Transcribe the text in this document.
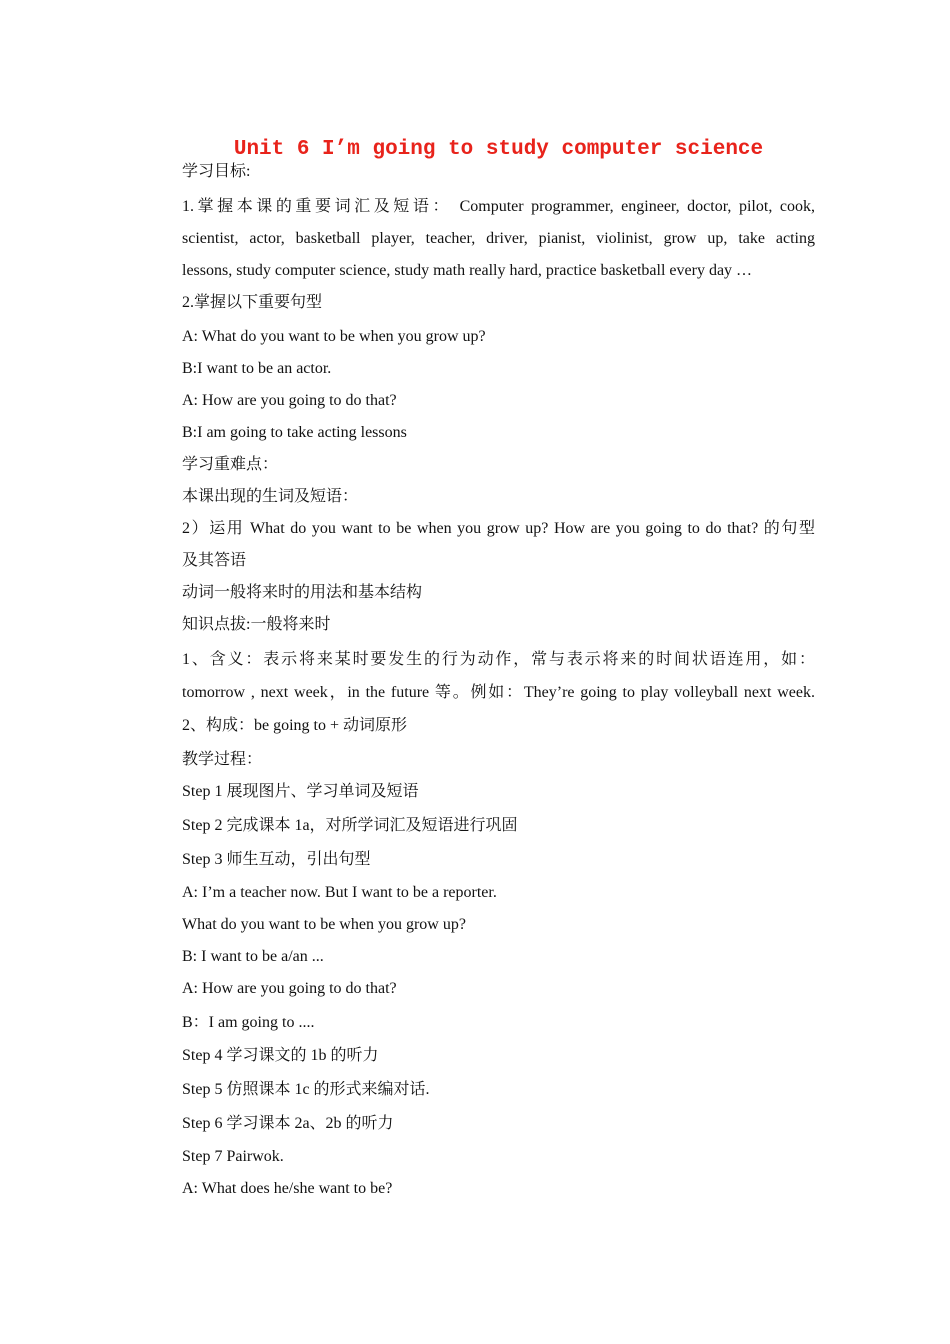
Unit 6 I’m going to study computer science
学习目标:
1.掌握本课的重要词汇及短语： Computer programmer, engineer, doctor, pilot, cook,
scientist, actor, basketball player, teacher, driver, pianist, violinist, grow up, take acting
lessons, study computer science, study math really hard, practice basketball every day …
2.掌握以下重要句型
A: What do you want to be when you grow up?
B:I want to be an actor.
A: How are you going to do that?
B:I am going to take acting lessons
学习重难点：
本课出现的生词及短语：
2）运用 What do you want to be when you grow up? How are you going to do that? 的句型
及其答语
动词一般将来时的用法和基本结构
知识点拔:一般将来时
1、含义：表示将来某时要发生的行为动作，常与表示将来的时间状语连用，如：
tomorrow , next week，in the future 等。例如：They’re going to play volleyball next week.
2、构成：be going to + 动词原形
教学过程：
Step 1 展现图片、学习单词及短语
Step 2 完成课本 1a，对所学词汇及短语进行巩固
Step 3 师生互动，引出句型
A: I’m a teacher now. But I want to be a reporter.
What do you want to be when you grow up?
B: I want to be a/an ...
A: How are you going to do that?
B：I am going to ....
Step 4 学习课文的 1b 的听力
Step 5 仿照课本 1c 的形式来编对话.
Step 6 学习课本 2a、2b 的听力
Step 7 Pairwok.
A: What does he/she want to be?
